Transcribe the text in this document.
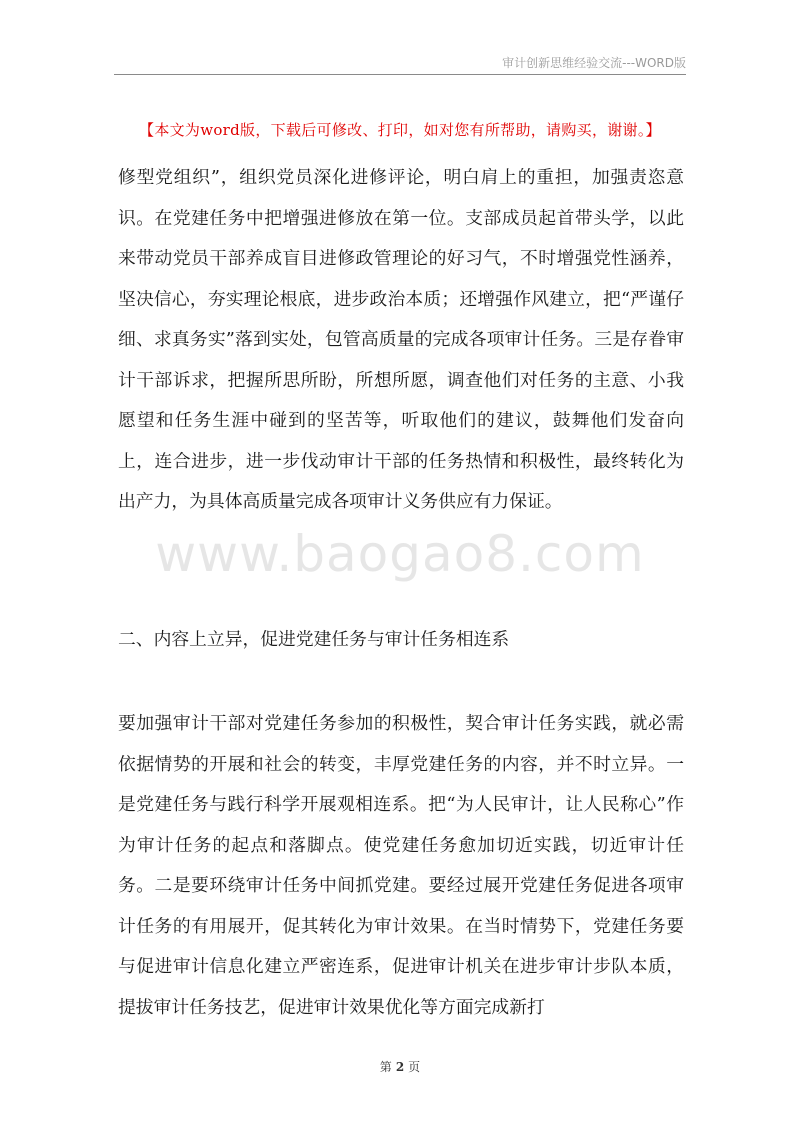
审计创新思维经验交流---WORD版
【本文为word版，下载后可修改、打印，如对您有所帮助，请购买，谢谢。】
修型党组织”，组织党员深化进修评论，明白肩上的重担，加强责恣意识。在党建任务中把增强进修放在第一位。支部成员起首带头学，以此来带动党员干部养成盲目进修政管理论的好习气，不时增强党性涵养，坚决信心，夯实理论根底，进步政治本质；还增强作风建立，把“严谨仔细、求真务实”落到实处，包管高质量的完成各项审计任务。三是存眷审计干部诉求，把握所思所盼，所想所愿，调查他们对任务的主意、小我愿望和任务生涯中碰到的坚苦等，听取他们的建议，鼓舞他们发奋向上，连合进步，进一步伐动审计干部的任务热情和积极性，最终转化为出产力，为具体高质量完成各项审计义务供应有力保证。
www.baogao8.com
二、内容上立异，促进党建任务与审计任务相连系
要加强审计干部对党建任务参加的积极性，契合审计任务实践，就必需依据情势的开展和社会的转变，丰厚党建任务的内容，并不时立异。一是党建任务与践行科学开展观相连系。把“为人民审计，让人民称心”作为审计任务的起点和落脚点。使党建任务愈加切近实践，切近审计任务。二是要环绕审计任务中间抓党建。要经过展开党建任务促进各项审计任务的有用展开，促其转化为审计效果。在当时情势下，党建任务要与促进审计信息化建立严密连系，促进审计机关在进步审计步队本质，提拔审计任务技艺，促进审计效果优化等方面完成新打
第 2 页
